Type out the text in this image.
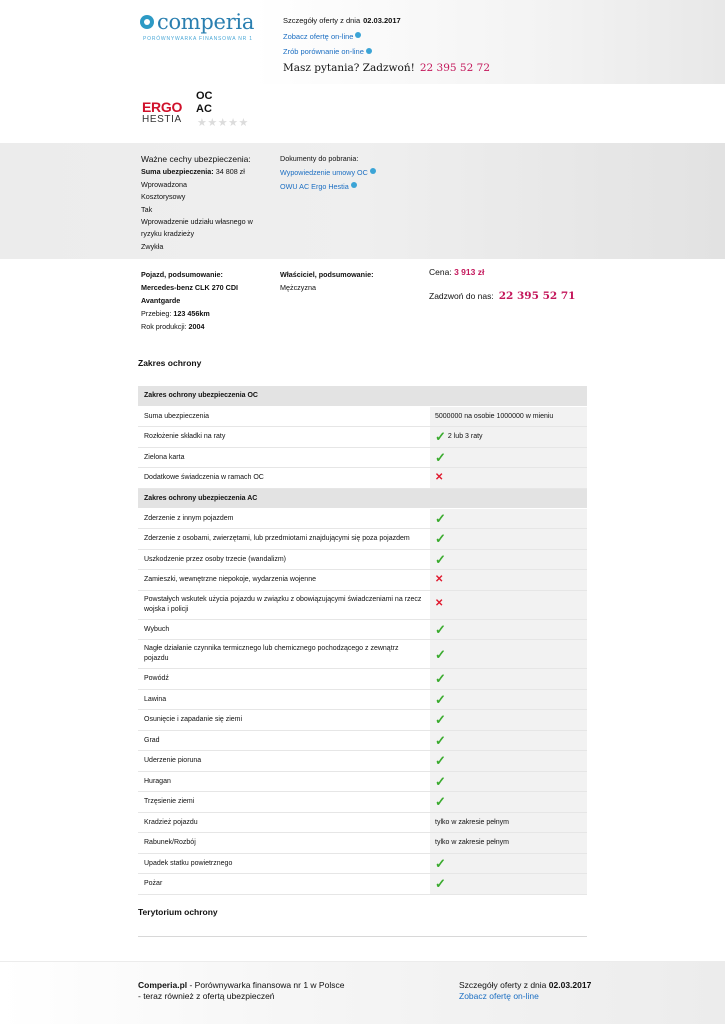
comperia
PORÓWNYWARKA FINANSOWA NR 1
Szczegóły oferty z dnia 02.03.2017
Zobacz ofertę on-line
Zrób porównanie on-line
Masz pytania? Zadzwoń! 22 395 52 72
ERGO
HESTIA
OC
AC
★ ★ ★ ★ ★
Ważne cechy ubezpieczenia:
Suma ubezpieczenia: 34 808 zł
Wprowadzona
Kosztorysowy
Tak
Wprowadzenie udziału własnego w
ryzyku kradzieży
Zwykła
Dokumenty do pobrania:
Wypowiedzenie umowy OC
OWU AC Ergo Hestia
Pojazd, podsumowanie:
Mercedes-benz CLK 270 CDI
Avantgarde
Przebieg: 123 456km
Rok produkcji: 2004
Właściciel, podsumowanie:
Mężczyzna
Cena: 3 913 zł
Zadzwoń do nas: 22 395 52 71
Zakres ochrony
Zakres ochrony ubezpieczenia OC	
Suma ubezpieczenia	5000000 na osobie 1000000 w mieniu
Rozłożenie składki na raty	✓ 2 lub 3 raty

Zielona karta	✓

Dodatkowe świadczenia w ramach OC	✕
Zakres ochrony ubezpieczenia AC	
Zderzenie z innym pojazdem	✓

Zderzenie z osobami, zwierzętami, lub przedmiotami znajdującymi się poza pojazdem	✓

Uszkodzenie przez osoby trzecie (wandalizm)	✓

Zamieszki, wewnętrzne niepokoje, wydarzenia wojenne	✕
Powstałych wskutek użycia pojazdu w związku z obowiązującymi świadczeniami na rzecz wojska i policji	✕
Wybuch	✓

Nagłe działanie czynnika termicznego lub chemicznego pochodzącego z zewnątrz pojazdu	✓

Powódź	✓

Lawina	✓

Osunięcie i zapadanie się ziemi	✓

Grad	✓

Uderzenie pioruna	✓

Huragan	✓

Trzęsienie ziemi	✓

Kradzież pojazdu	tylko w zakresie pełnym
Rabunek/Rozbój	tylko w zakresie pełnym
Upadek statku powietrznego	✓

Pożar	✓
Terytorium ochrony
Comperia.pl - Porównywarka finansowa nr 1 w Polsce
- teraz również z ofertą ubezpieczeń
Szczegóły oferty z dnia 02.03.2017
Zobacz ofertę on-line
